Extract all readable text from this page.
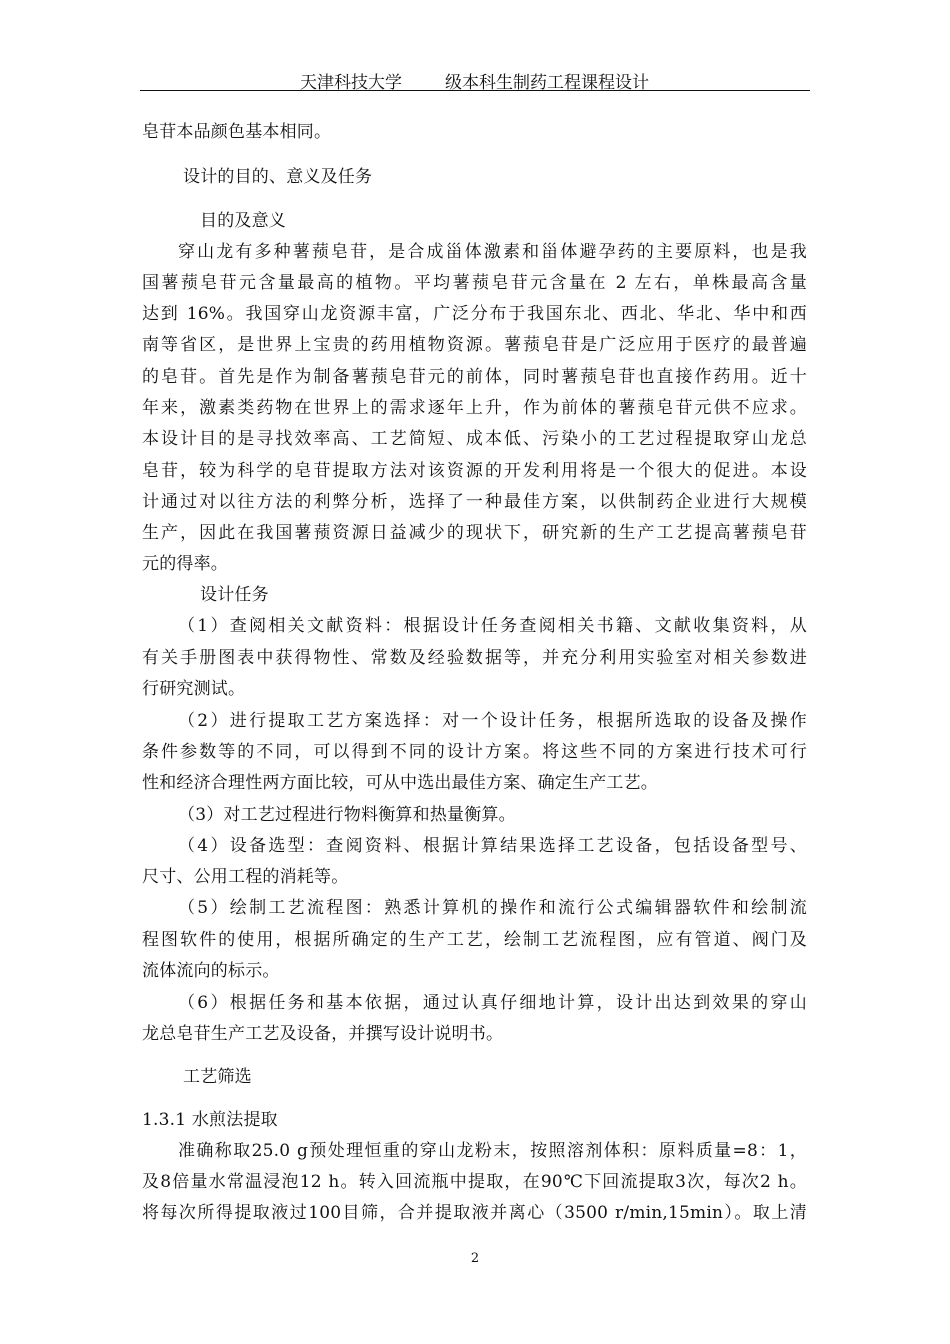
天津科技大学	级本科生制药工程课程设计
皂苷本品颜色基本相同。
设计的目的、意义及任务
目的及意义
穿山龙有多种薯蓣皂苷，是合成甾体激素和甾体避孕药的主要原料，也是我
国薯蓣皂苷元含量最高的植物。平均薯蓣皂苷元含量在 2 左右，单株最高含量
达到 16%。我国穿山龙资源丰富，广泛分布于我国东北、西北、华北、华中和西
南等省区，是世界上宝贵的药用植物资源。薯蓣皂苷是广泛应用于医疗的最普遍
的皂苷。首先是作为制备薯蓣皂苷元的前体，同时薯蓣皂苷也直接作药用。近十
年来，激素类药物在世界上的需求逐年上升，作为前体的薯蓣皂苷元供不应求。
本设计目的是寻找效率高、工艺简短、成本低、污染小的工艺过程提取穿山龙总
皂苷，较为科学的皂苷提取方法对该资源的开发利用将是一个很大的促进。本设
计通过对以往方法的利弊分析，选择了一种最佳方案，以供制药企业进行大规模
生产，因此在我国薯蓣资源日益减少的现状下，研究新的生产工艺提高薯蓣皂苷
元的得率。
设计任务
（1）查阅相关文献资料：根据设计任务查阅相关书籍、文献收集资料，从
有关手册图表中获得物性、常数及经验数据等，并充分利用实验室对相关参数进
行研究测试。
（2）进行提取工艺方案选择：对一个设计任务，根据所选取的设备及操作
条件参数等的不同，可以得到不同的设计方案。将这些不同的方案进行技术可行
性和经济合理性两方面比较，可从中选出最佳方案、确定生产工艺。
（3）对工艺过程进行物料衡算和热量衡算。
（4）设备选型：查阅资料、根据计算结果选择工艺设备，包括设备型号、
尺寸、公用工程的消耗等。
（5）绘制工艺流程图：熟悉计算机的操作和流行公式编辑器软件和绘制流
程图软件的使用，根据所确定的生产工艺，绘制工艺流程图，应有管道、阀门及
流体流向的标示。
（6）根据任务和基本依据，通过认真仔细地计算，设计出达到效果的穿山
龙总皂苷生产工艺及设备，并撰写设计说明书。
工艺筛选
1.3.1 水煎法提取
准确称取25.0 g预处理恒重的穿山龙粉末，按照溶剂体积：原料质量=8：1，
及8倍量水常温浸泡12 h。转入回流瓶中提取，在90℃下回流提取3次，每次2 h。
将每次所得提取液过100目筛，合并提取液并离心（3500 r/min,15min）。取上清
2
